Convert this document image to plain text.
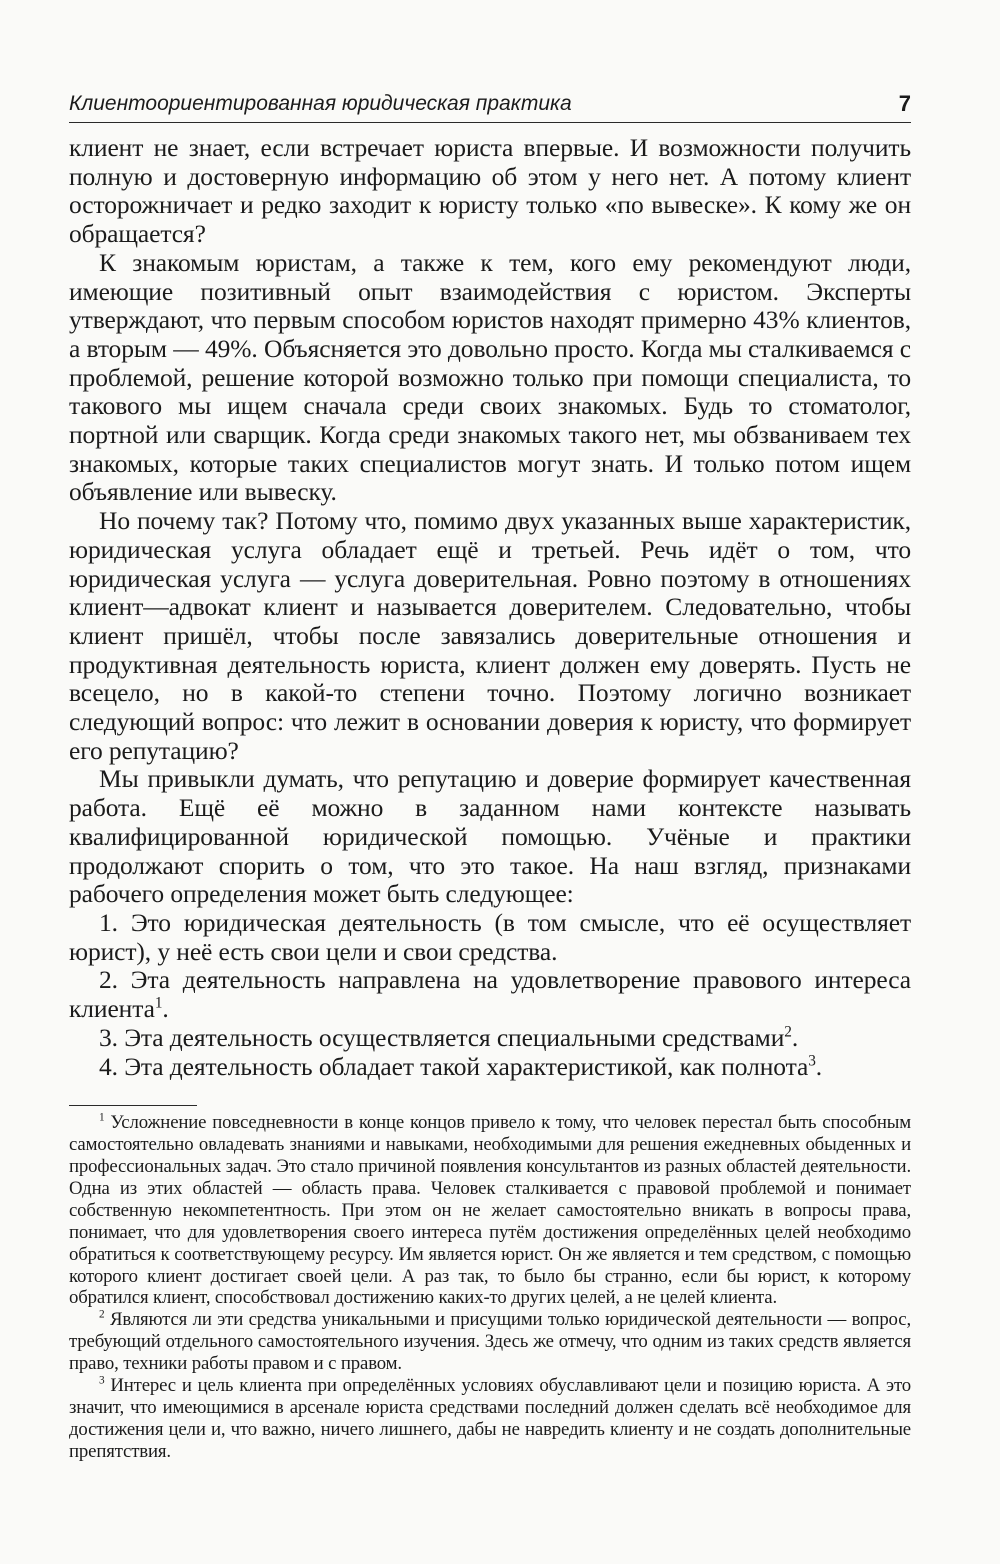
Клиентоориентированная юридическая практика	7

клиент не знает, если встречает юриста впервые. И возможности получить полную и достоверную информацию об этом у него нет. А потому клиент осторожничает и редко заходит к юристу только «по вывеске». К кому же он обращается?

К знакомым юристам, а также к тем, кого ему рекомендуют люди, имеющие позитивный опыт взаимодействия с юристом. Эксперты утверждают, что первым способом юристов находят примерно 43% клиентов, а вторым — 49%. Объясняется это довольно просто. Когда мы сталкиваемся с проблемой, решение которой возможно только при помощи специалиста, то такового мы ищем сначала среди своих знакомых. Будь то стоматолог, портной или сварщик. Когда среди знакомых такого нет, мы обзваниваем тех знакомых, которые таких специалистов могут знать. И только потом ищем объявление или вывеску.

Но почему так? Потому что, помимо двух указанных выше характеристик, юридическая услуга обладает ещё и третьей. Речь идёт о том, что юридическая услуга — услуга доверительная. Ровно поэтому в отношениях клиент—адвокат клиент и называется доверителем. Следовательно, чтобы клиент пришёл, чтобы после завязались доверительные отношения и продуктивная деятельность юриста, клиент должен ему доверять. Пусть не всецело, но в какой-то степени точно. Поэтому логично возникает следующий вопрос: что лежит в основании доверия к юристу, что формирует его репутацию?

Мы привыкли думать, что репутацию и доверие формирует качественная работа. Ещё её можно в заданном нами контексте называть квалифицированной юридической помощью. Учёные и практики продолжают спорить о том, что это такое. На наш взгляд, признаками рабочего определения может быть следующее:

1. Это юридическая деятельность (в том смысле, что её осуществляет юрист), у неё есть свои цели и свои средства.

2. Эта деятельность направлена на удовлетворение правового интереса клиента$^1$.

3. Эта деятельность осуществляется специальными средствами$^2$.

4. Эта деятельность обладает такой характеристикой, как полнота$^3$.

$^1$ Усложнение повседневности в конце концов привело к тому, что человек перестал быть способным самостоятельно овладевать знаниями и навыками, необходимыми для решения ежедневных обыденных и профессиональных задач. Это стало причиной появления консультантов из разных областей деятельности. Одна из этих областей — область права. Человек сталкивается с правовой проблемой и понимает собственную некомпетентность. При этом он не желает самостоятельно вникать в вопросы права, понимает, что для удовлетворения своего интереса путём достижения определённых целей необходимо обратиться к соответствующему ресурсу. Им является юрист. Он же является и тем средством, с помощью которого клиент достигает своей цели. А раз так, то было бы странно, если бы юрист, к которому обратился клиент, способствовал достижению каких-то других целей, а не целей клиента.

$^2$ Являются ли эти средства уникальными и присущими только юридической деятельности — вопрос, требующий отдельного самостоятельного изучения. Здесь же отмечу, что одним из таких средств является право, техники работы правом и с правом.

$^3$ Интерес и цель клиента при определённых условиях обуславливают цели и позицию юриста. А это значит, что имеющимися в арсенале юриста средствами последний должен сделать всё необходимое для достижения цели и, что важно, ничего лишнего, дабы не навредить клиенту и не создать дополнительные препятствия.
